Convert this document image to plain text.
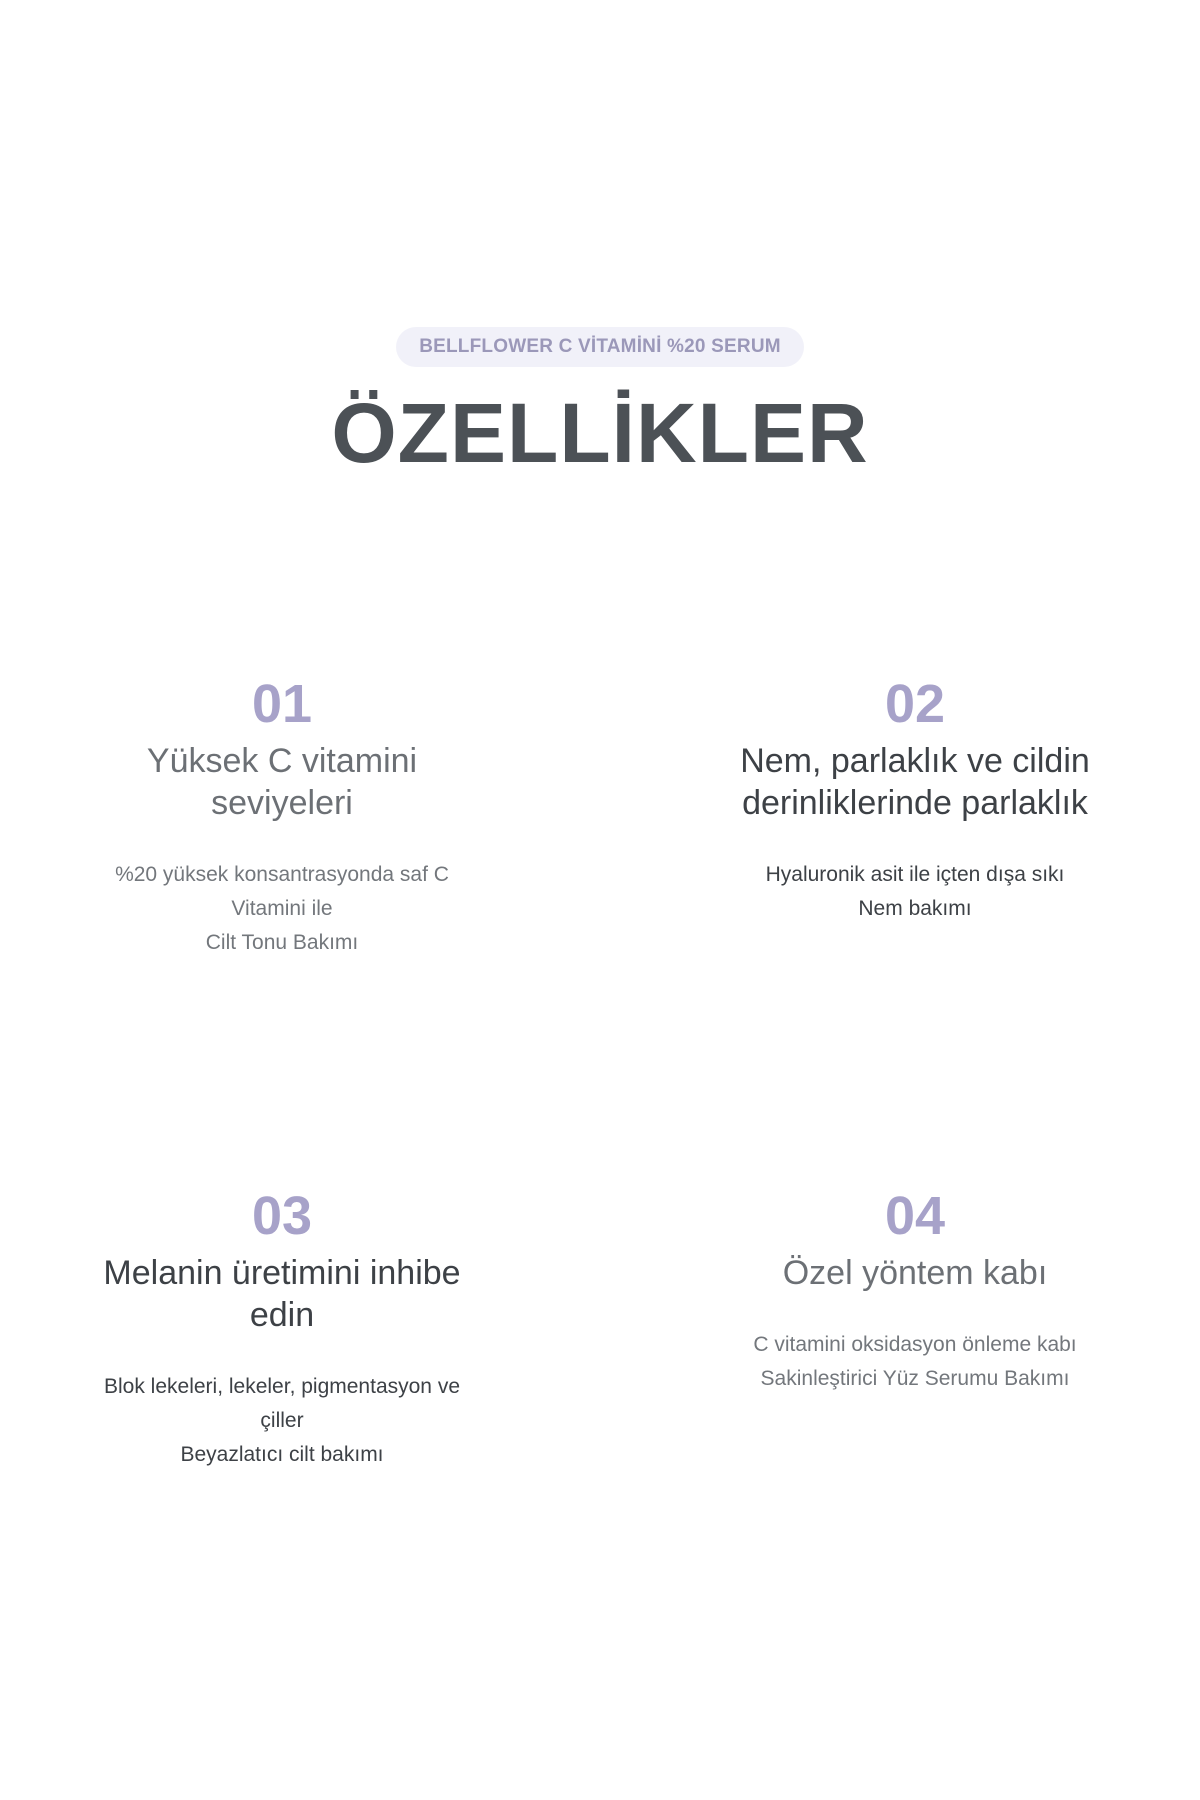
BELLFLOWER C VİTAMİNİ %20 SERUM
ÖZELLİKLER
01
Yüksek C vitamini
seviyeleri
%20 yüksek konsantrasyonda saf C
Vitamini ile
Cilt Tonu Bakımı
02
Nem, parlaklık ve cildin
derinliklerinde parlaklık
Hyaluronik asit ile içten dışa sıkı
Nem bakımı
03
Melanin üretimini inhibe
edin
Blok lekeleri, lekeler, pigmentasyon ve
çiller
Beyazlatıcı cilt bakımı
04
Özel yöntem kabı
C vitamini oksidasyon önleme kabı
Sakinleştirici Yüz Serumu Bakımı
